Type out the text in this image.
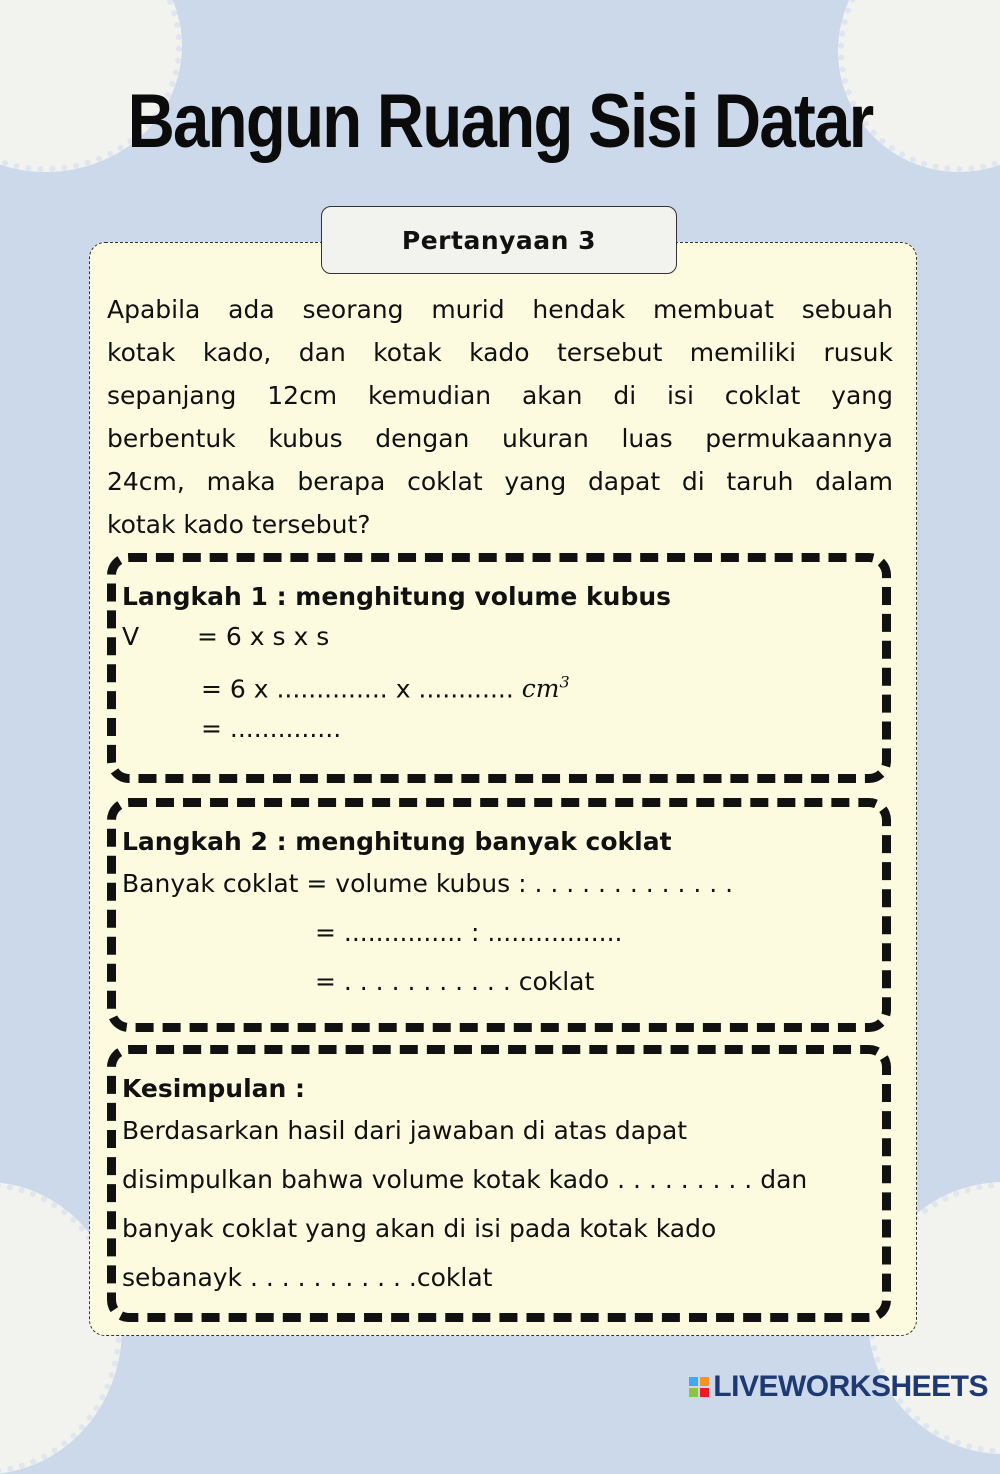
Bangun Ruang Sisi Datar
Pertanyaan 3

Apabila ada seorang murid hendak membuat sebuah
kotak kado, dan kotak kado tersebut memiliki rusuk
sepanjang 12cm kemudian akan di isi coklat yang
berbentuk kubus dengan ukuran luas permukaannya
24cm, maka berapa coklat yang dapat di taruh dalam
kotak kado tersebut?

Langkah 1 : menghitung volume kubus

V = 6 x s x s
= 6 x .............. x ............ $cm^3$
= ..............

Langkah 2 : menghitung banyak coklat

Banyak coklat = volume kubus : . . . . . . . . . . . . .
= ............... : .................
= . . . . . . . . . . . coklat

Kesimpulan :

Berdasarkan hasil dari jawaban di atas dapat
disimpulkan bahwa volume kotak kado . . . . . . . . . dan
banyak coklat yang akan di isi pada kotak kado
sebanayk . . . . . . . . . . .coklat
LIVEWORKSHEETS
